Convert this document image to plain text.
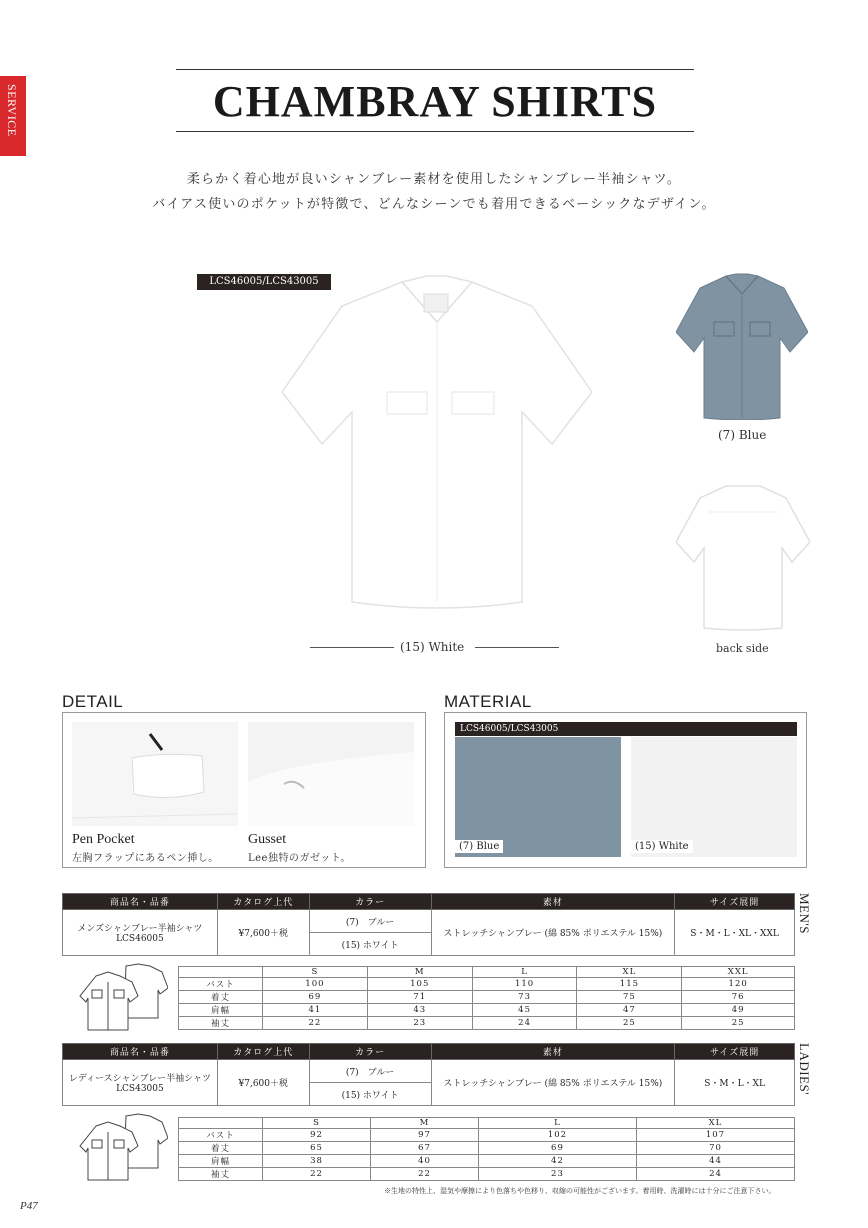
SERVICE	CHAMBRAY SHIRTS
柔らかく着心地が良いシャンブレー素材を使用したシャンブレー半袖シャツ。
バイアス使いのポケットが特徴で、どんなシーンでも着用できるベーシックなデザイン。
LCS46005/LCS43005
(15) White
(7) Blue
back side
DETAIL
Pen Pocket
左胸フラップにあるペン挿し。
Gusset
Lee独特のガゼット。
MATERIAL
LCS46005/LCS43005
(7) Blue	(15) White
商品名・品番	カタログ上代	カラー	素材	サイズ展開

メンズシャンブレー半袖シャツ
LCS46005	¥7,600＋税	(7)　ブルー	ストレッチシャンブレー (綿 85% ポリエステル 15%)	S・M・L・XL・XXL
		(15) ホワイト		
MEN'S
	S	M	L	XL	XXL
バスト	100	105	110	115	120
着丈	69	71	73	75	76
肩幅	41	43	45	47	49
袖丈	22	23	24	25	25
商品名・品番	カタログ上代	カラー	素材	サイズ展開

レディースシャンブレー半袖シャツ
LCS43005	¥7,600＋税	(7)　ブルー	ストレッチシャンブレー (綿 85% ポリエステル 15%)	S・M・L・XL
		(15) ホワイト		
LADIES'
	S	M	L	XL
バスト	92	97	102	107
着丈	65	67	69	70
肩幅	38	40	42	44
袖丈	22	22	23	24
※生地の特性上、湿気や摩擦により色落ちや色移り、収縮の可能性がございます。着用時、洗濯時には十分にご注意下さい。
P47
